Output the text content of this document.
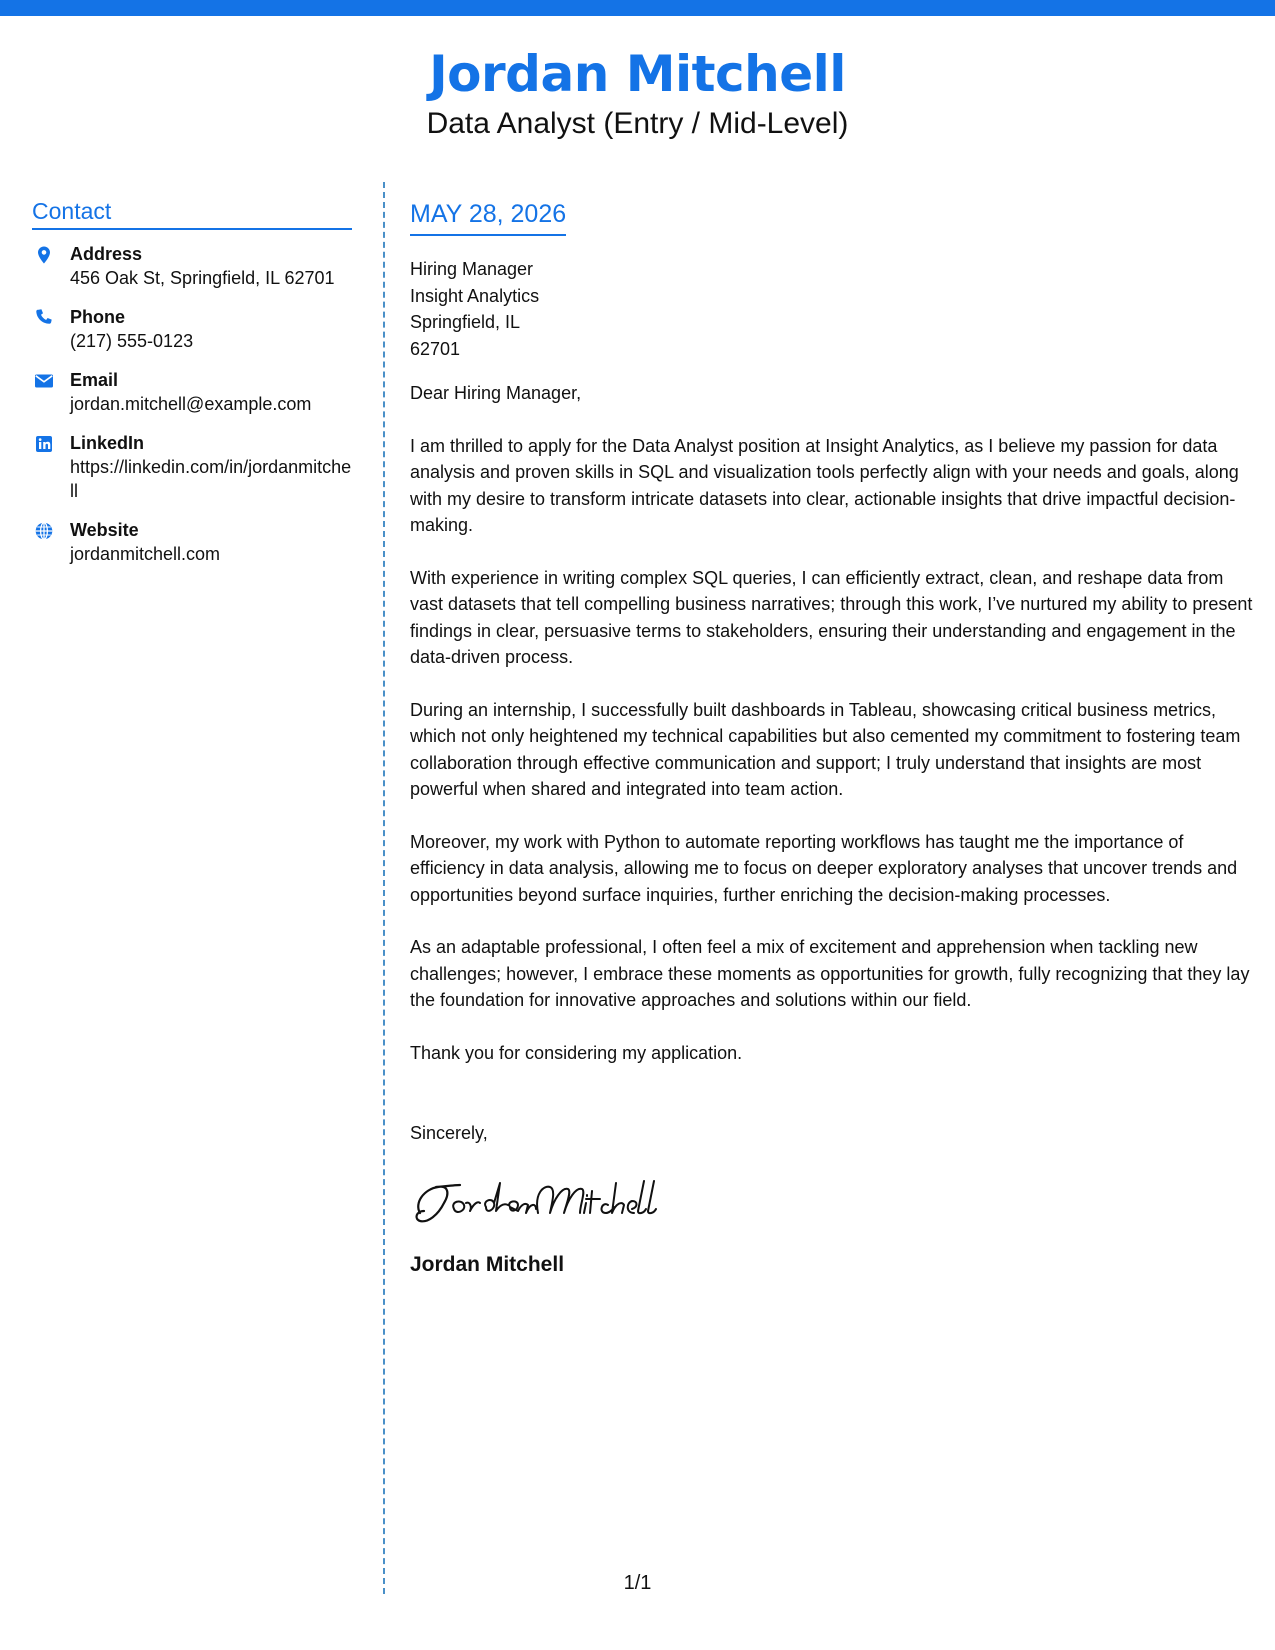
Jordan Mitchell
Data Analyst (Entry / Mid-Level)
Contact
Address
456 Oak St, Springfield, IL 62701
Phone
(217) 555-0123
Email
jordan.mitchell@example.com
LinkedIn
https://linkedin.com/in/jordanmitchell
Website
jordanmitchell.com
MAY 28, 2026
Hiring Manager
Insight Analytics
Springfield, IL
62701
Dear Hiring Manager,
I am thrilled to apply for the Data Analyst position at Insight Analytics, as I believe my passion for data analysis and proven skills in SQL and visualization tools perfectly align with your needs and goals, along with my desire to transform intricate datasets into clear, actionable insights that drive impactful decision-making.
With experience in writing complex SQL queries, I can efficiently extract, clean, and reshape data from vast datasets that tell compelling business narratives; through this work, I’ve nurtured my ability to present findings in clear, persuasive terms to stakeholders, ensuring their understanding and engagement in the data-driven process.
During an internship, I successfully built dashboards in Tableau, showcasing critical business metrics, which not only heightened my technical capabilities but also cemented my commitment to fostering team collaboration through effective communication and support; I truly understand that insights are most powerful when shared and integrated into team action.
Moreover, my work with Python to automate reporting workflows has taught me the importance of efficiency in data analysis, allowing me to focus on deeper exploratory analyses that uncover trends and opportunities beyond surface inquiries, further enriching the decision-making processes.
As an adaptable professional, I often feel a mix of excitement and apprehension when tackling new challenges; however, I embrace these moments as opportunities for growth, fully recognizing that they lay the foundation for innovative approaches and solutions within our field.
Thank you for considering my application.
Sincerely,
Jordan Mitchell
1/1
